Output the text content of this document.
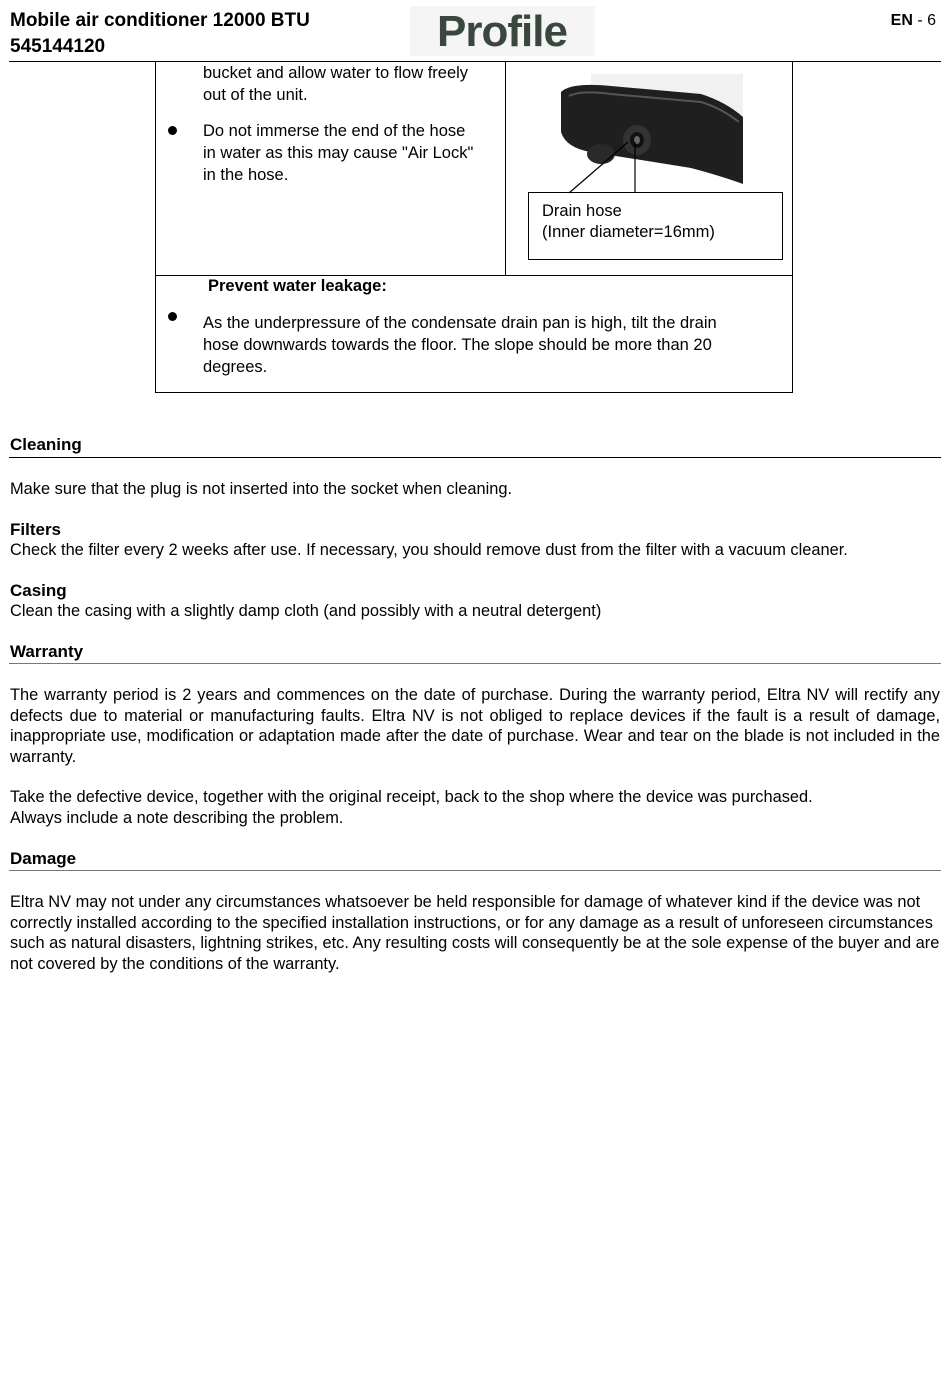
Mobile air conditioner 12000 BTU
545144120	Profile	EN - 6
bucket and allow water to flow freely
out of the unit.
Do not immerse the end of the hose
in water as this may cause "Air Lock"
in the hose.
Drain hose
(Inner diameter=16mm)
Prevent water leakage:
As the underpressure of the condensate drain pan is high, tilt the drain
hose downwards towards the floor. The slope should be more than 20
degrees.
Cleaning
Make sure that the plug is not inserted into the socket when cleaning.
Filters
Check the filter every 2 weeks after use. If necessary, you should remove dust from the filter with a vacuum cleaner.
Casing
Clean the casing with a slightly damp cloth (and possibly with a neutral detergent)
Warranty
The warranty period is 2 years and commences on the date of purchase. During the warranty period, Eltra NV will rectify any defects due to material or manufacturing faults. Eltra NV is not obliged to replace devices if the fault is a result of damage, inappropriate use, modification or adaptation made after the date of purchase. Wear and tear on the blade is not included in the warranty.
Take the defective device, together with the original receipt, back to the shop where the device was purchased.
Always include a note describing the problem.
Damage
Eltra NV may not under any circumstances whatsoever be held responsible for damage of whatever kind if the device was not correctly installed according to the specified installation instructions, or for any damage as a result of unforeseen circumstances such as natural disasters, lightning strikes, etc. Any resulting costs will consequently be at the sole expense of the buyer and are not covered by the conditions of the warranty.
